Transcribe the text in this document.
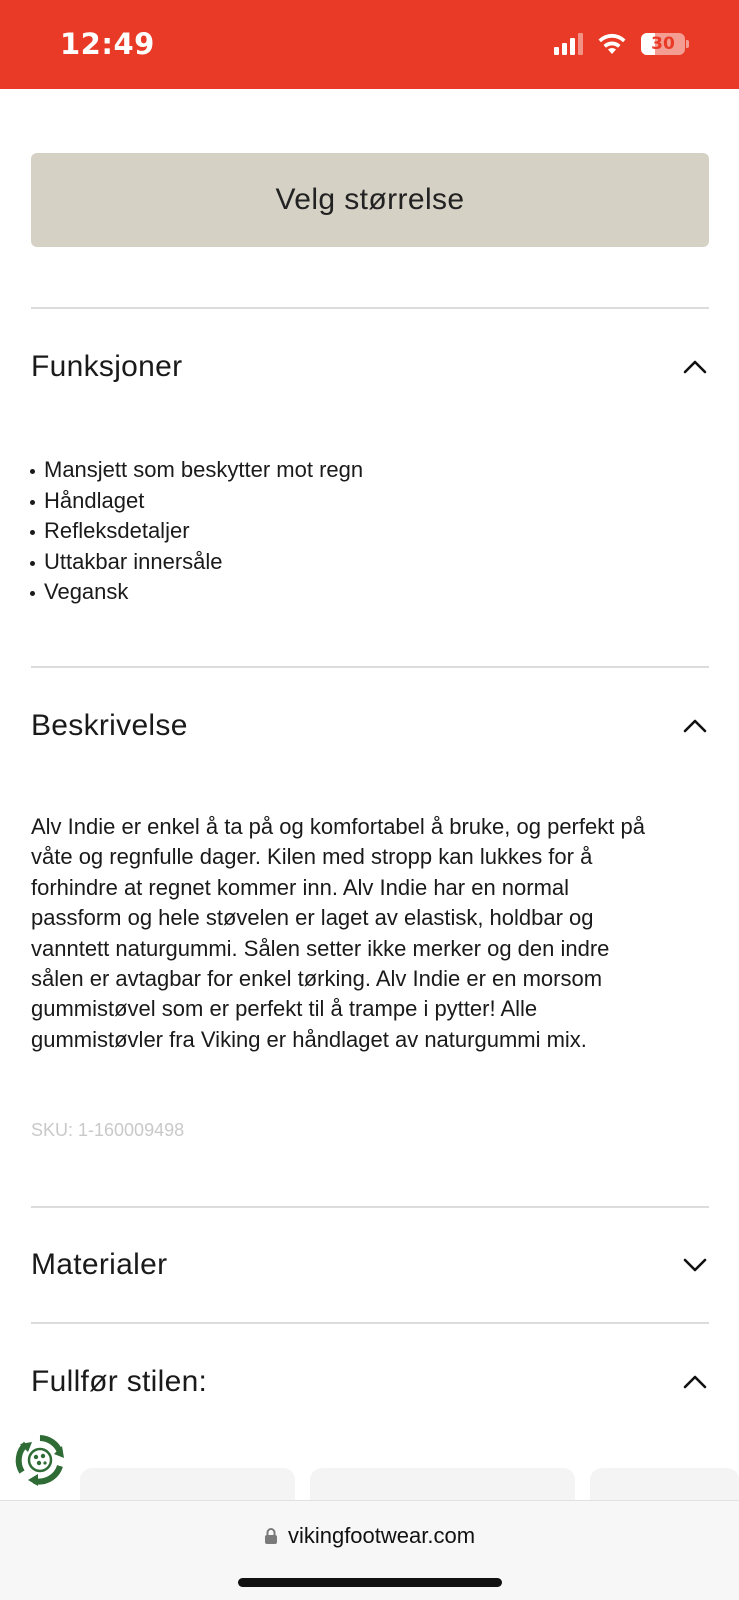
12:49	30
Velg størrelse
Funksjoner
Mansjett som beskytter mot regn
Håndlaget
Refleksdetaljer
Uttakbar innersåle
Vegansk
Beskrivelse
Alv Indie er enkel å ta på og komfortabel å bruke, og perfekt på
våte og regnfulle dager. Kilen med stropp kan lukkes for å
forhindre at regnet kommer inn. Alv Indie har en normal
passform og hele støvelen er laget av elastisk, holdbar og
vanntett naturgummi. Sålen setter ikke merker og den indre
sålen er avtagbar for enkel tørking. Alv Indie er en morsom
gummistøvel som er perfekt til å trampe i pytter! Alle
gummistøvler fra Viking er håndlaget av naturgummi mix.
SKU: 1-160009498
Materialer
Fullfør stilen:
vikingfootwear.com
